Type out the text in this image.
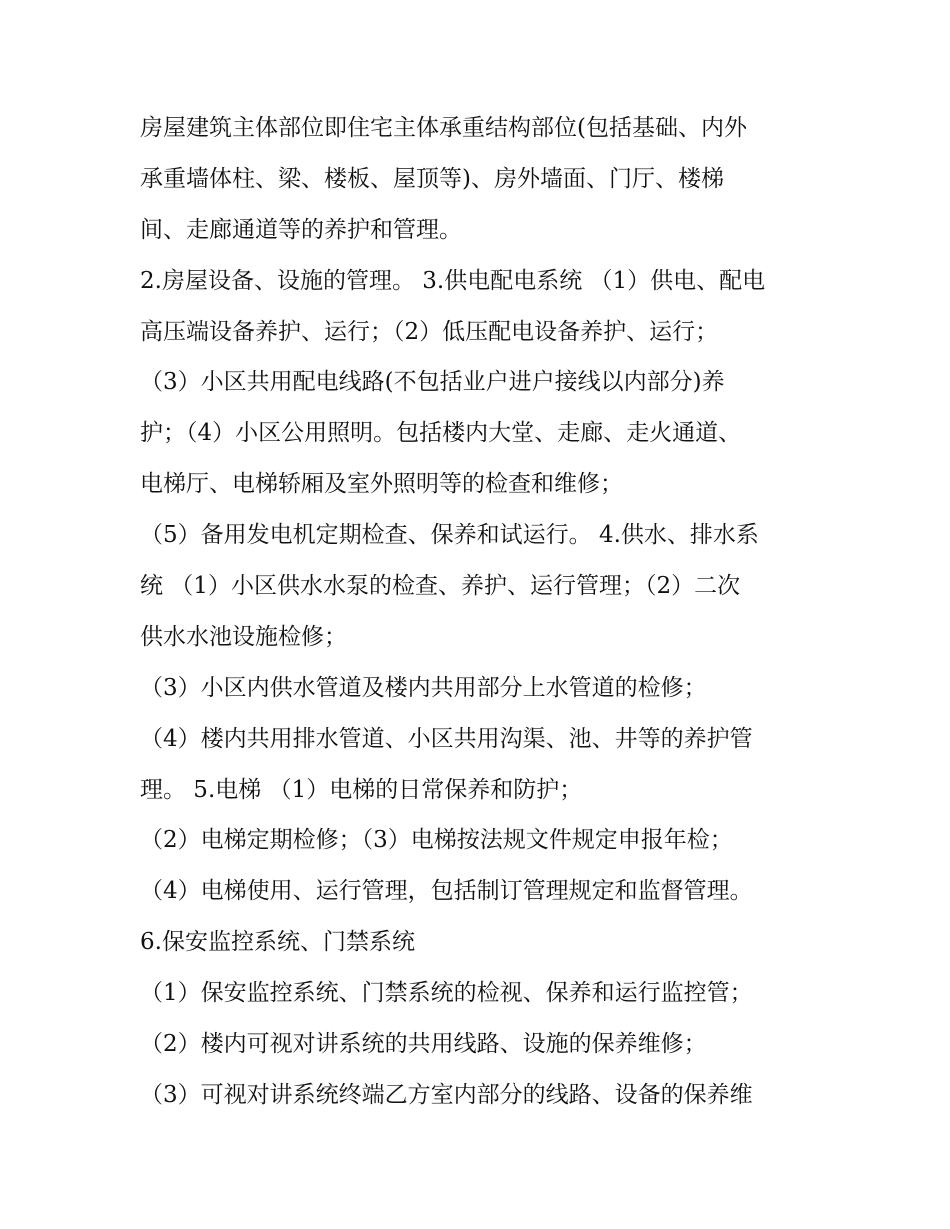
房屋建筑主体部位即住宅主体承重结构部位(包括基础、内外
承重墙体柱、梁、楼板、屋顶等)、房外墙面、门厅、楼梯
间、走廊通道等的养护和管理。
2.房屋设备、设施的管理。 3.供电配电系统 （1）供电、配电
高压端设备养护、运行；（2）低压配电设备养护、运行；
（3）小区共用配电线路(不包括业户进户接线以内部分)养
护；（4）小区公用照明。包括楼内大堂、走廊、走火通道、
电梯厅、电梯轿厢及室外照明等的检查和维修；
（5）备用发电机定期检查、保养和试运行。 4.供水、排水系
统 （1）小区供水水泵的检查、养护、运行管理；（2）二次
供水水池设施检修；
（3）小区内供水管道及楼内共用部分上水管道的检修；
（4）楼内共用排水管道、小区共用沟渠、池、井等的养护管
理。 5.电梯 （1）电梯的日常保养和防护；
（2）电梯定期检修；（3）电梯按法规文件规定申报年检；
（4）电梯使用、运行管理，包括制订管理规定和监督管理。
6.保安监控系统、门禁系统
（1）保安监控系统、门禁系统的检视、保养和运行监控管；
（2）楼内可视对讲系统的共用线路、设施的保养维修；
（3）可视对讲系统终端乙方室内部分的线路、设备的保养维
